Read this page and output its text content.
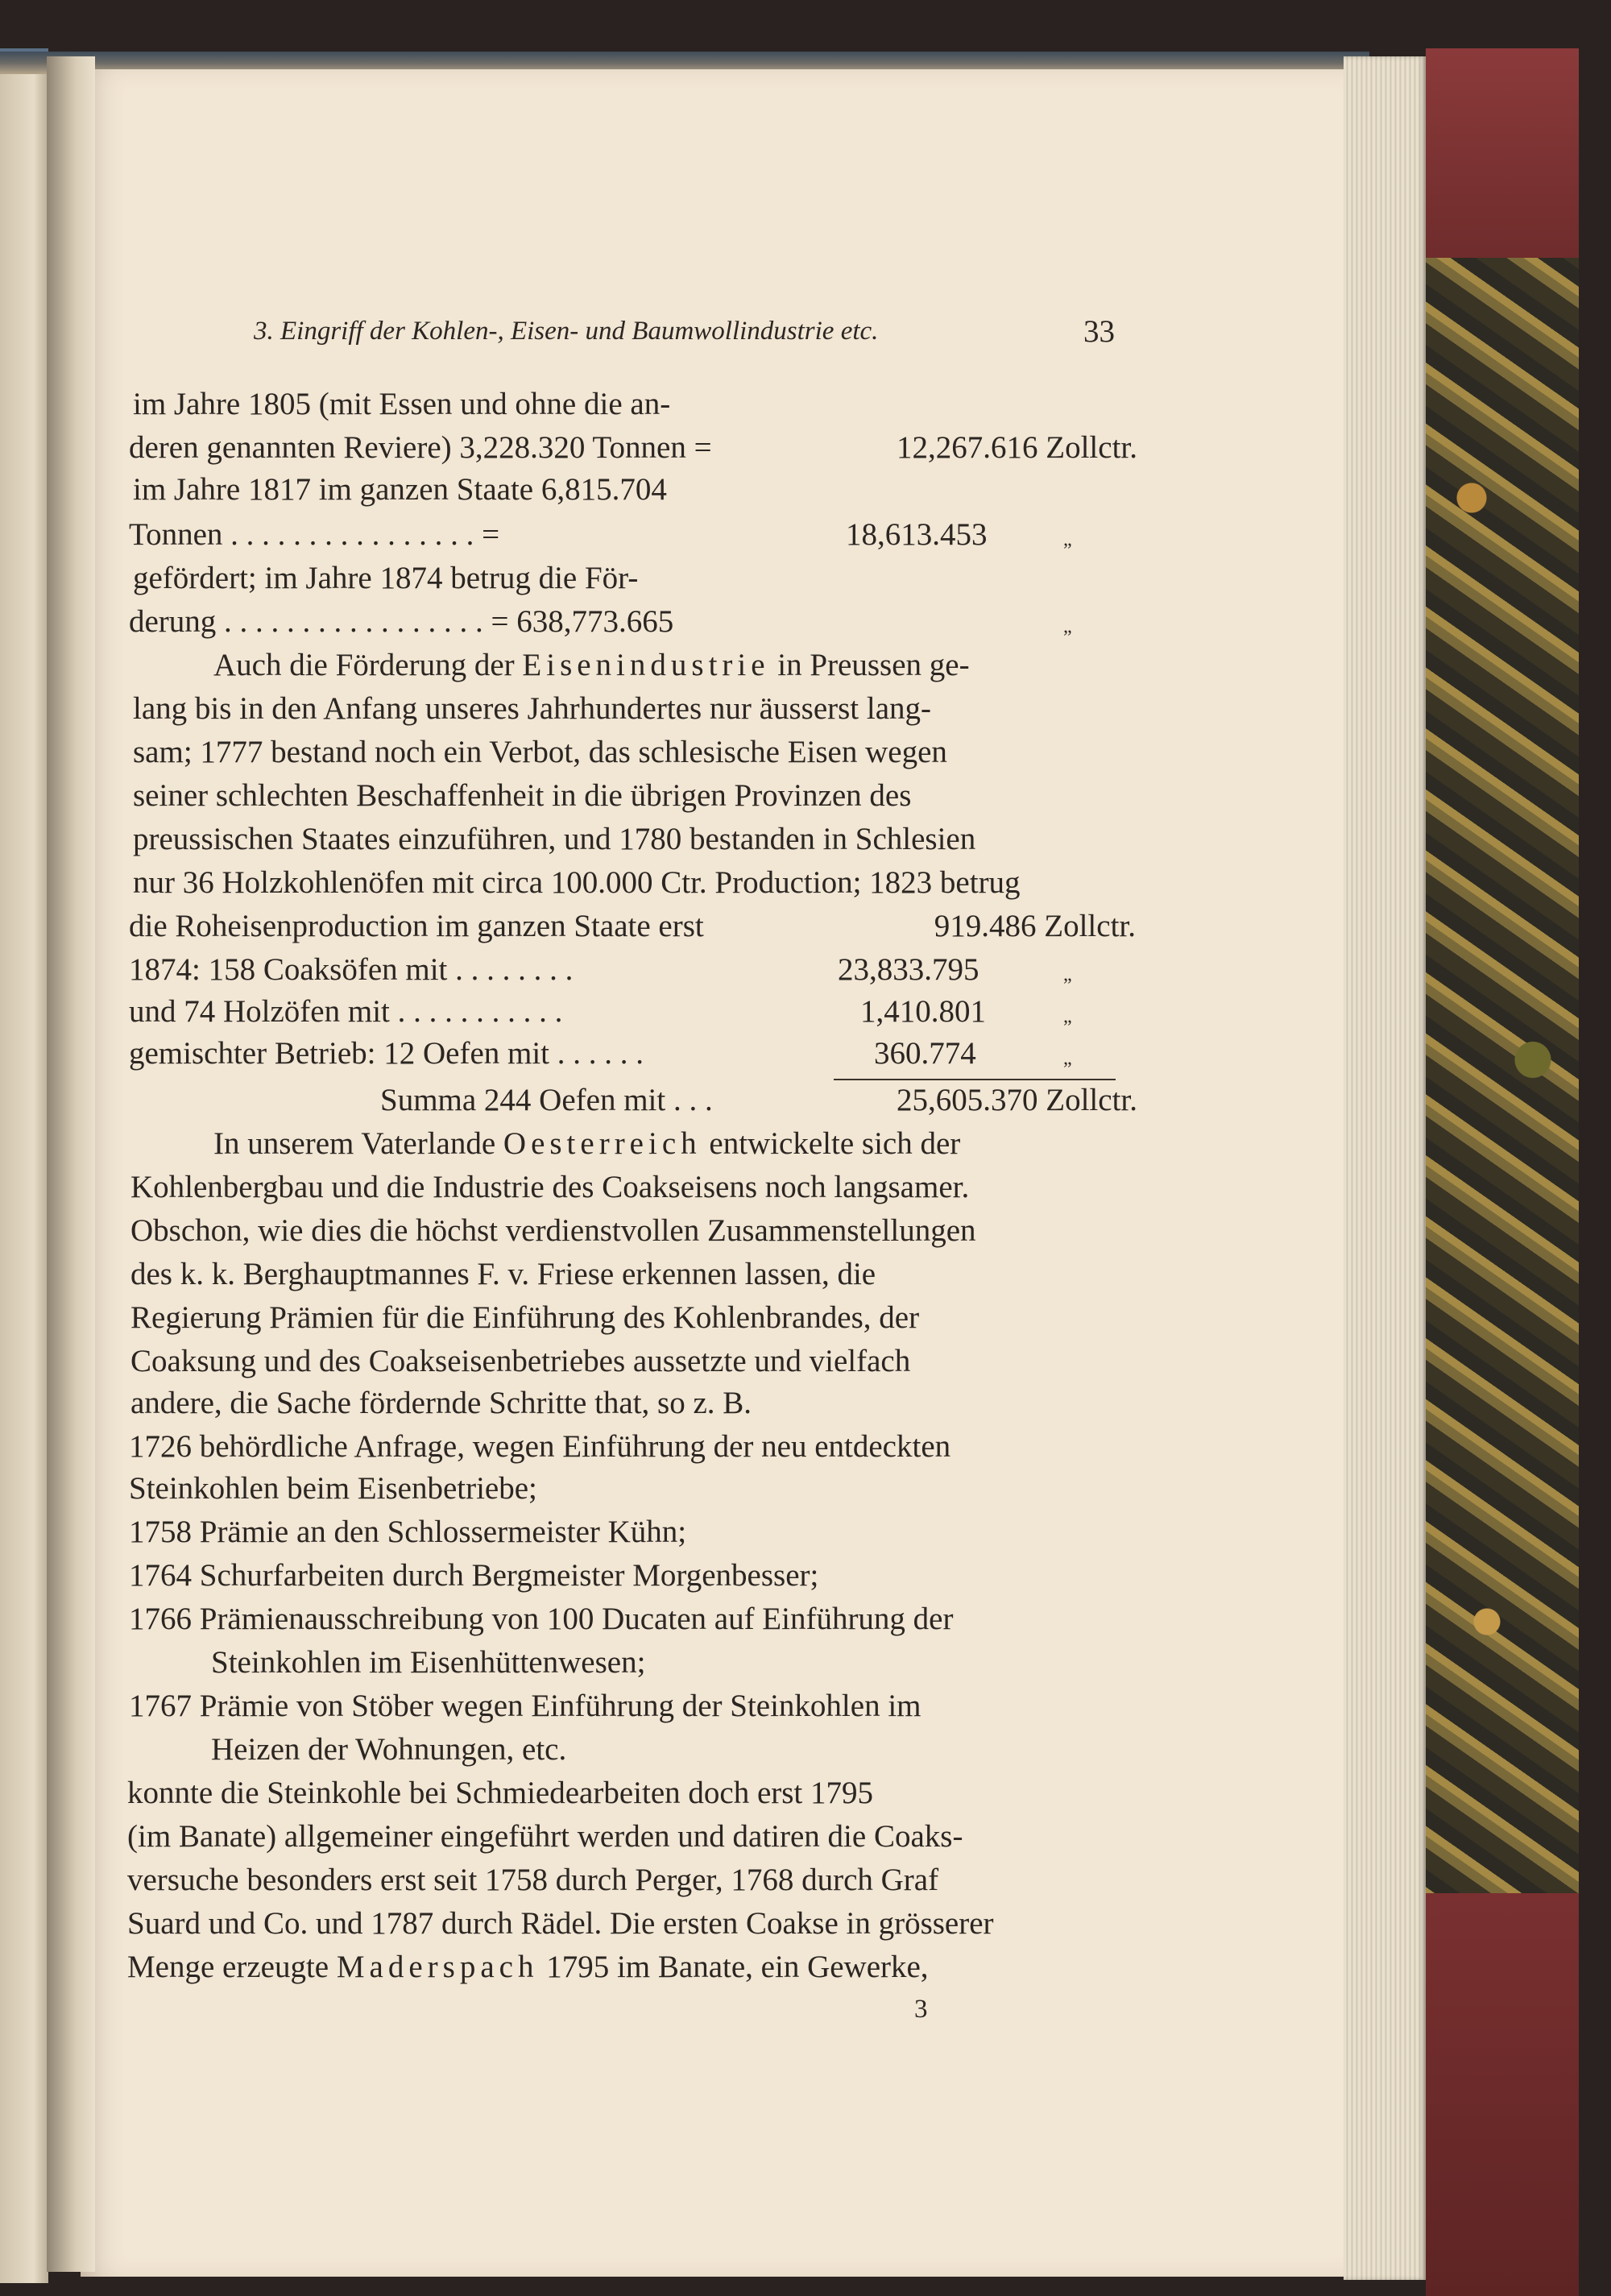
3. Eingriff der Kohlen-, Eisen- und Baumwollindustrie etc.	33
im Jahre 1805 (mit Essen und ohne die an-
deren genannten Reviere) 3,228.320 Tonnen =	12,267.616 Zollctr.
im Jahre 1817 im ganzen Staate 6,815.704
Tonnen . . . . . . . . . . . . . . . . =	18,613.453	„
gefördert; im Jahre 1874 betrug die För-
derung . . . . . . . . . . . . . . . . . = 638,773.665	„
Auch die Förderung der Eisenindustrie in Preussen ge-
lang bis in den Anfang unseres Jahrhundertes nur äusserst lang-
sam; 1777 bestand noch ein Verbot, das schlesische Eisen wegen
seiner schlechten Beschaffenheit in die übrigen Provinzen des
preussischen Staates einzuführen, und 1780 bestanden in Schlesien
nur 36 Holzkohlenöfen mit circa 100.000 Ctr. Production; 1823 betrug
die Roheisenproduction im ganzen Staate erst	919.486 Zollctr.
1874: 158 Coaksöfen mit . . . . . . . .	23,833.795	„
und 74 Holzöfen mit . . . . . . . . . . .	1,410.801	„
gemischter Betrieb: 12 Oefen mit . . . . . .	360.774	„
Summa 244 Oefen mit . . .	25,605.370 Zollctr.
In unserem Vaterlande Oesterreich entwickelte sich der
Kohlenbergbau und die Industrie des Coakseisens noch langsamer.
Obschon, wie dies die höchst verdienstvollen Zusammenstellungen
des k. k. Berghauptmannes F. v. Friese erkennen lassen, die
Regierung Prämien für die Einführung des Kohlenbrandes, der
Coaksung und des Coakseisenbetriebes aussetzte und vielfach
andere, die Sache fördernde Schritte that, so z. B.
1726 behördliche Anfrage, wegen Einführung der neu entdeckten
Steinkohlen beim Eisenbetriebe;
1758 Prämie an den Schlossermeister Kühn;
1764 Schurfarbeiten durch Bergmeister Morgenbesser;
1766 Prämienausschreibung von 100 Ducaten auf Einführung der
Steinkohlen im Eisenhüttenwesen;
1767 Prämie von Stöber wegen Einführung der Steinkohlen im
Heizen der Wohnungen, etc.
konnte die Steinkohle bei Schmiedearbeiten doch erst 1795
(im Banate) allgemeiner eingeführt werden und datiren die Coaks-
versuche besonders erst seit 1758 durch Perger, 1768 durch Graf
Suard und Co. und 1787 durch Rädel. Die ersten Coakse in grösserer
Menge erzeugte Maderspach 1795 im Banate, ein Gewerke,
3
